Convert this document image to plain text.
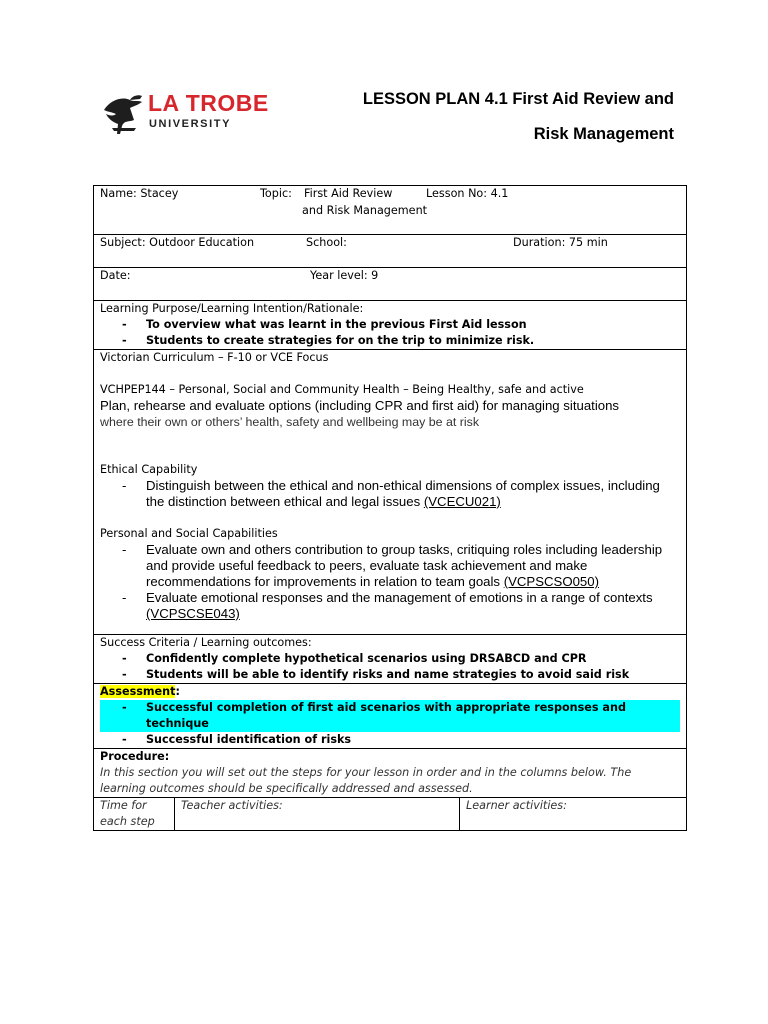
LA TROBE
UNIVERSITY
LESSON PLAN 4.1 First Aid Review and
Risk Management
Name: Stacey	Topic: First Aid Review
and Risk Management
Lesson No: 4.1

Subject: Outdoor Education	School:	Duration: 75 min

Date:	Year level: 9

Learning Purpose/Learning Intention/Rationale:
- To overview what was learnt in the previous First Aid lesson
- Students to create strategies for on the trip to minimize risk.

Victorian Curriculum – F-10 or VCE Focus
VCHPEP144 – Personal, Social and Community Health – Being Healthy, safe and active
Plan, rehearse and evaluate options (including CPR and first aid) for managing situations
where their own or others’ health, safety and wellbeing may be at risk
Ethical Capability
- Distinguish between the ethical and non-ethical dimensions of complex issues, including the distinction between ethical and legal issues (VCECU021)
Personal and Social Capabilities
- Evaluate own and others contribution to group tasks, critiquing roles including leadership and provide useful feedback to peers, evaluate task achievement and make recommendations for improvements in relation to team goals (VCPSCSO050)
- Evaluate emotional responses and the management of emotions in a range of contexts (VCPSCSE043)

Success Criteria / Learning outcomes:
- Confidently complete hypothetical scenarios using DRSABCD and CPR
- Students will be able to identify risks and name strategies to avoid said risk

Assessment:
- Successful completion of first aid scenarios with appropriate responses and technique
- Successful identification of risks

Procedure:
In this section you will set out the steps for your lesson in order and in the columns below. The learning outcomes should be specifically addressed and assessed.

Time for each step	Teacher activities:	Learner activities:
